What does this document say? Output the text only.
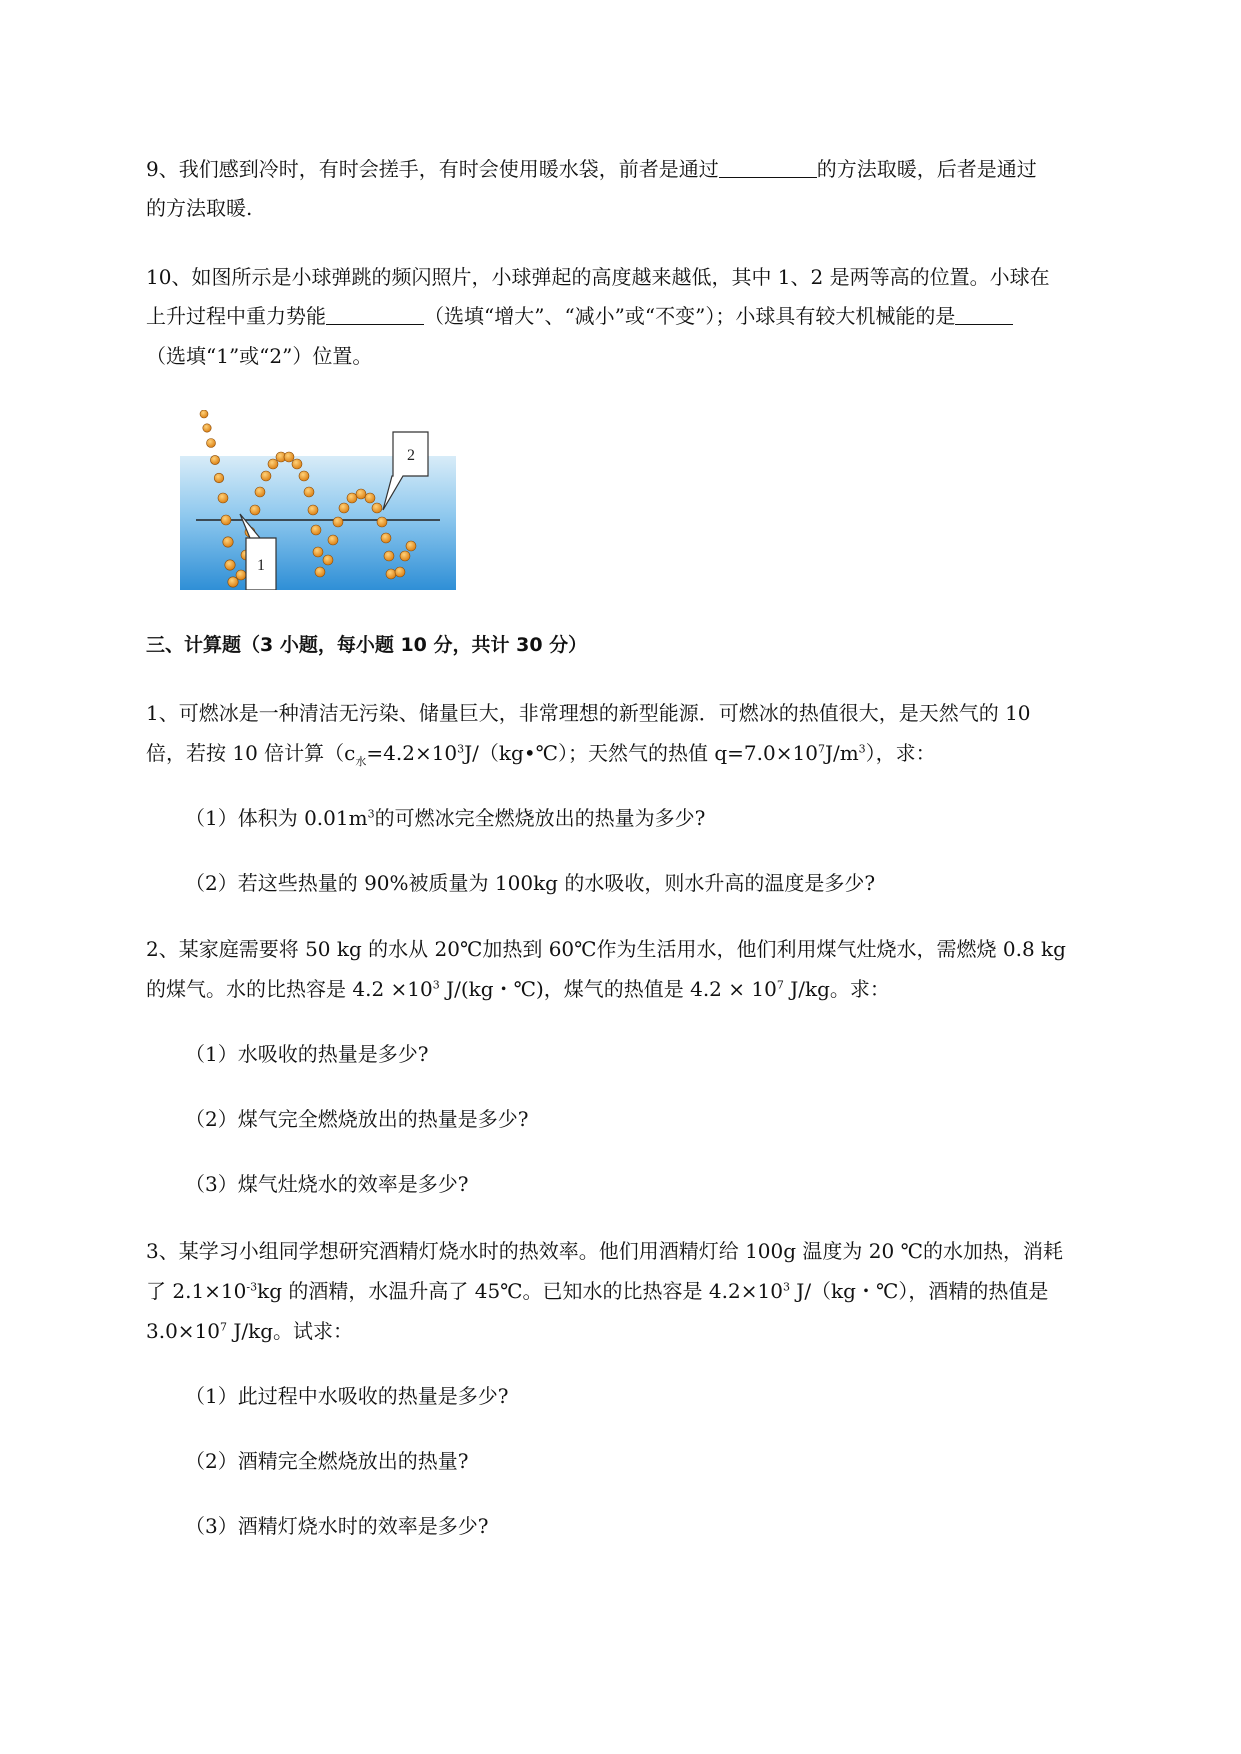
9、我们感到冷时，有时会搓手，有时会使用暖水袋，前者是通过	的方法取暖，后者是通过
的方法取暖.
10、如图所示是小球弹跳的频闪照片，小球弹起的高度越来越低，其中 1、2 是两等高的位置。小球在
上升过程中重力势能	（选填“增大”、“减小”或“不变”）；小球具有较大机械能的是
（选填“1”或“2”）位置。
1
2
三、计算题（3 小题，每小题 10 分，共计 30 分）
1、可燃冰是一种清洁无污染、储量巨大，非常理想的新型能源．可燃冰的热值很大，是天然气的 10
倍，若按 10 倍计算（$c_水=4.2\times 10^3J/(kg•℃)$；天然气的热值 $q=7.0\times 10^7J/m^3$），求：
（1）体积为 $0.01m^3$的可燃冰完全燃烧放出的热量为多少?
（2）若这些热量的 90%被质量为 100kg 的水吸收，则水升高的温度是多少?
2、某家庭需要将 50 kg 的水从 20℃加热到 60℃作为生活用水，他们利用煤气灶烧水，需燃烧 0.8 kg
的煤气。水的比热容是 $4.2 \times 10^3$ J/(kg・℃)，煤气的热值是 $4.2 \times 10^7$ J/kg。求：
（1）水吸收的热量是多少?
（2）煤气完全燃烧放出的热量是多少?
（3）煤气灶烧水的效率是多少?
3、某学习小组同学想研究酒精灯烧水时的热效率。他们用酒精灯给 100g 温度为 20 ℃的水加热，消耗
了 $2.1\times 10^{-3}kg$ 的酒精，水温升高了 45℃。已知水的比热容是 $4.2\times 10^3$ J/（kg・℃），酒精的热值是
$3.0\times 10^7$ J/kg。试求：
（1）此过程中水吸收的热量是多少?
（2）酒精完全燃烧放出的热量?
（3）酒精灯烧水时的效率是多少?
